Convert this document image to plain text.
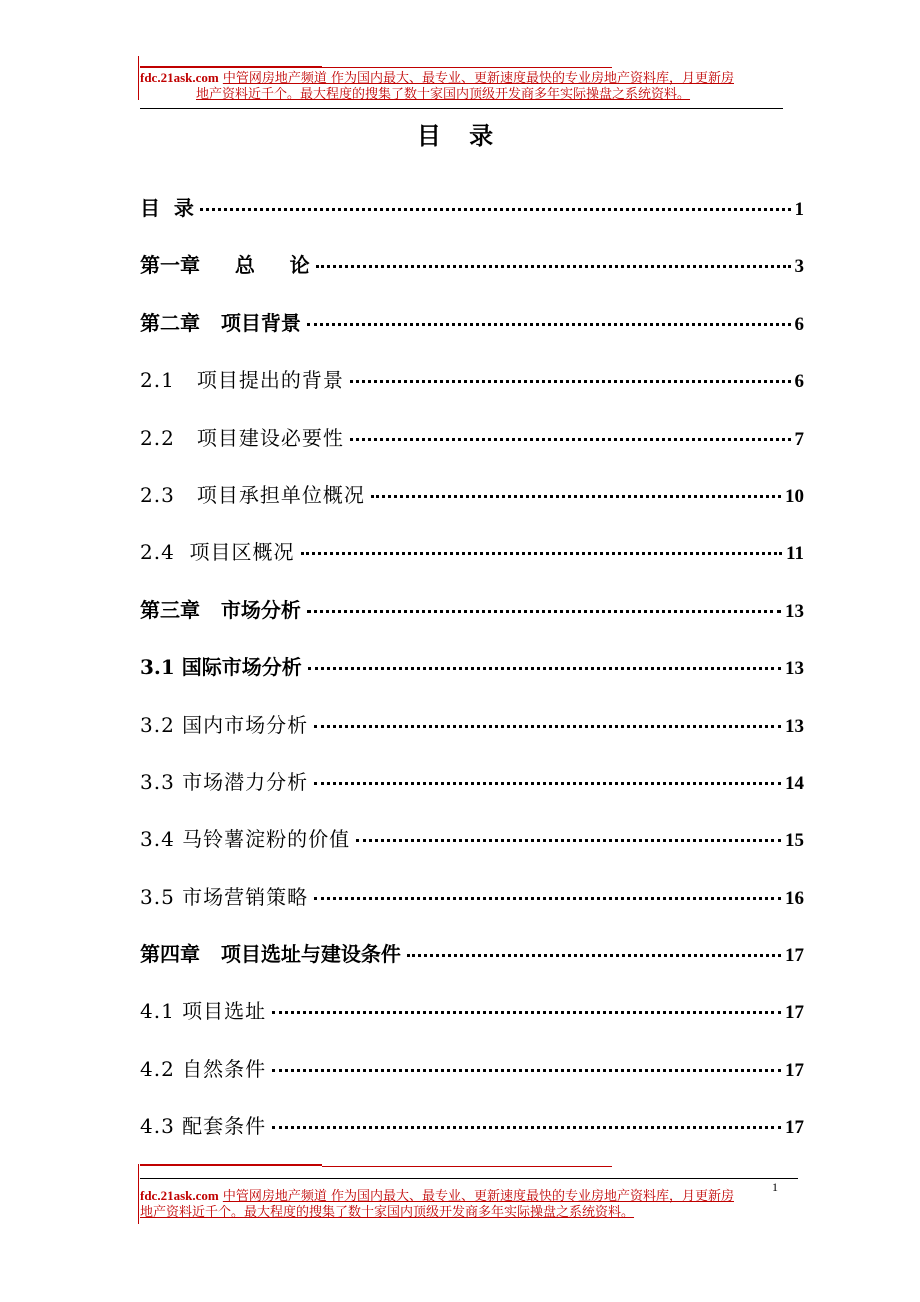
fdc.21ask.com 中管网房地产频道 作为国内最大、最专业、更新速度最快的专业房地产资料库，月更新房
地产资料近千个。最大程度的搜集了数十家国内顶级开发商多年实际操盘之系统资料。
目 录
目  录	1
第一章     总     论	3
第二章   项目背景	6
2.1   项目提出的背景	6
2.2   项目建设必要性	7
2.3   项目承担单位概况	10
2.4  项目区概况	11
第三章   市场分析	13
3.1 国际市场分析	13
3.2 国内市场分析	13
3.3 市场潜力分析	14
3.4 马铃薯淀粉的价值	15
3.5 市场营销策略	16
第四章   项目选址与建设条件	17
4.1 项目选址	17
4.2 自然条件	17
4.3 配套条件	17
1
fdc.21ask.com 中管网房地产频道 作为国内最大、最专业、更新速度最快的专业房地产资料库，月更新房
地产资料近千个。最大程度的搜集了数十家国内顶级开发商多年实际操盘之系统资料。
